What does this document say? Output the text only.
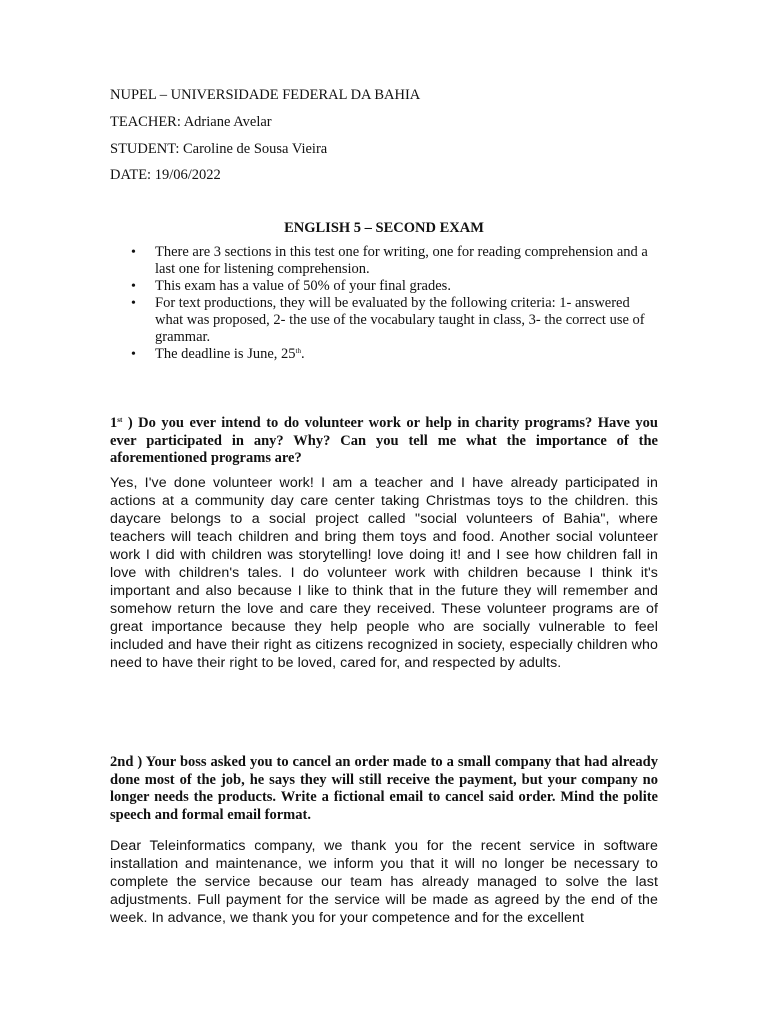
NUPEL – UNIVERSIDADE FEDERAL DA BAHIA
TEACHER: Adriane Avelar
STUDENT: Caroline de Sousa Vieira
DATE: 19/06/2022
ENGLISH 5 – SECOND EXAM
• There are 3 sections in this test one for writing, one for reading comprehension and a last one for listening comprehension.
• This exam has a value of 50% of your final grades.
• For text productions, they will be evaluated by the following criteria: 1- answered what was proposed, 2- the use of the vocabulary taught in class, 3- the correct use of grammar.
• The deadline is June, 25th.
1st ) Do you ever intend to do volunteer work or help in charity programs? Have you ever participated in any? Why? Can you tell me what the importance of the aforementioned programs are?
Yes, I've done volunteer work! I am a teacher and I have already participated in actions at a community day care center taking Christmas toys to the children. this daycare belongs to a social project called "social volunteers of Bahia", where teachers will teach children and bring them toys and food. Another social volunteer work I did with children was storytelling! love doing it! and I see how children fall in love with children's tales. I do volunteer work with children because I think it's important and also because I like to think that in the future they will remember and somehow return the love and care they received. These volunteer programs are of great importance because they help people who are socially vulnerable to feel included and have their right as citizens recognized in society, especially children who need to have their right to be loved, cared for, and respected by adults.
2nd ) Your boss asked you to cancel an order made to a small company that had already done most of the job, he says they will still receive the payment, but your company no longer needs the products. Write a fictional email to cancel said order. Mind the polite speech and formal email format.
Dear Teleinformatics company, we thank you for the recent service in software installation and maintenance, we inform you that it will no longer be necessary to complete the service because our team has already managed to solve the last adjustments. Full payment for the service will be made as agreed by the end of the week. In advance, we thank you for your competence and for the excellent
